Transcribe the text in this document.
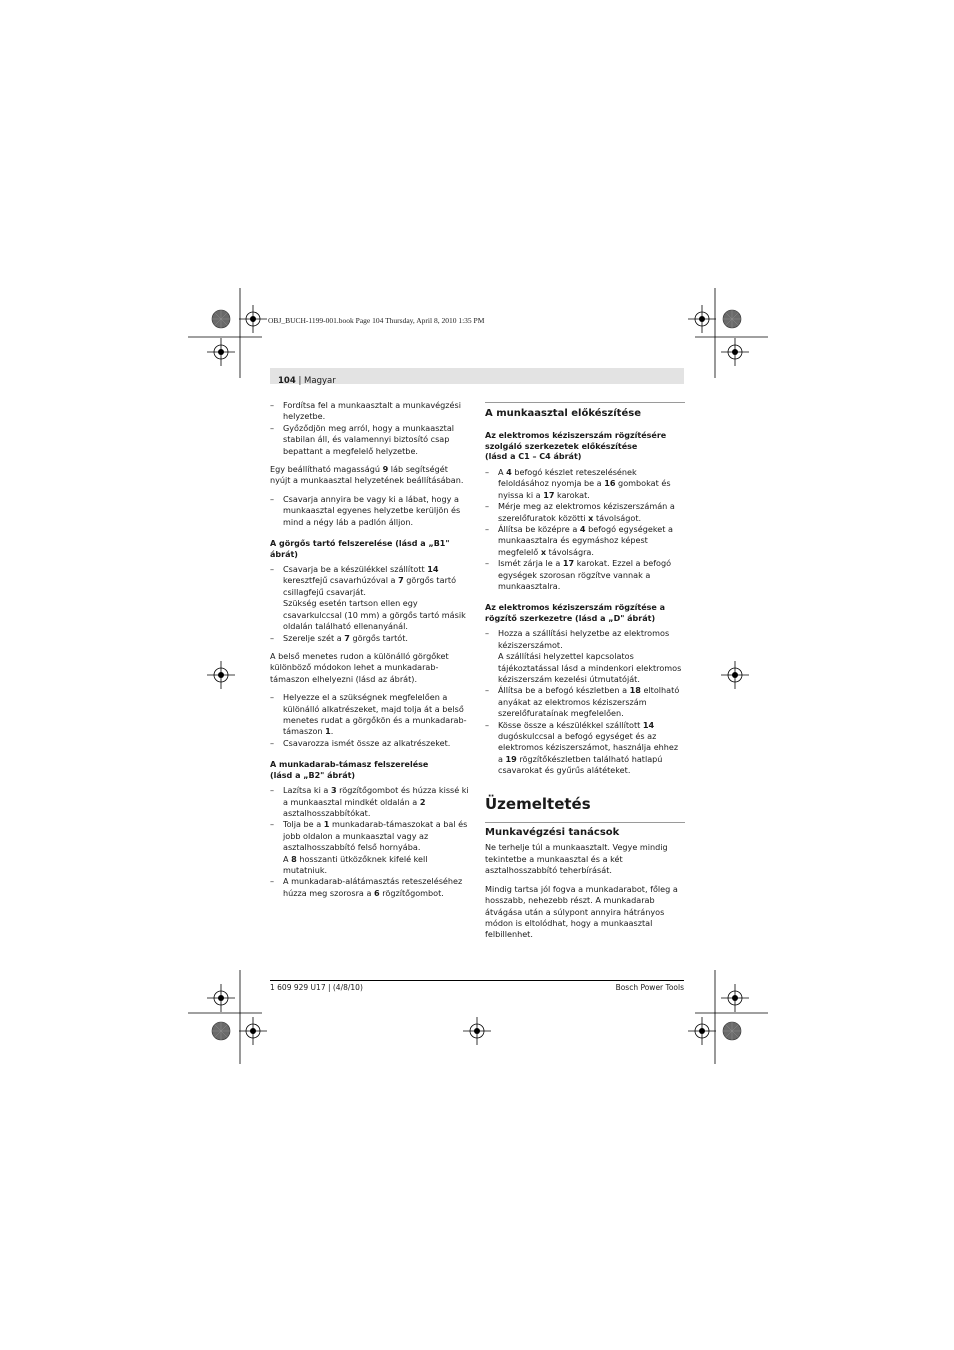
OBJ_BUCH-1199-001.book Page 104 Thursday, April 8, 2010 1:35 PM
104 | Magyar
– Fordítsa fel a munkaasztalt a munkavégzési helyzetbe.
– Győződjön meg arról, hogy a munkaasztal stabilan áll, és valamennyi biztosító csap bepattant a megfelelő helyzetbe.

Egy beállítható magasságú 9 láb segítségét nyújt a munkaasztal helyzetének beállításában.

– Csavarja annyira be vagy ki a lábat, hogy a munkaasztal egyenes helyzetbe kerüljön és mind a négy láb a padlón álljon.
A görgős tartó felszerelése (lásd a „B1" ábrát)
– Csavarja be a készülékkel szállított 14 keresztfejű csavarhúzóval a 7 görgős tartó csillagfejű csavarját.
Szükség esetén tartson ellen egy csavarkulccsal (10 mm) a görgős tartó másik oldalán található ellenanyánál.
– Szerelje szét a 7 görgős tartót.

A belső menetes rudon a különálló görgőket különböző módokon lehet a munkadarab-támaszon elhelyezni (lásd az ábrát).

– Helyezze el a szükségnek megfelelően a különálló alkatrészeket, majd tolja át a belső menetes rudat a görgőkön és a munkadarab-támaszon 1.
– Csavarozza ismét össze az alkatrészeket.
A munkadarab-támasz felszerelése
(lásd a „B2" ábrát)
– Lazítsa ki a 3 rögzítőgombot és húzza kissé ki a munkaasztal mindkét oldalán a 2 asztalhosszabbítókat.
– Tolja be a 1 munkadarab-támaszokat a bal és jobb oldalon a munkaasztal vagy az asztalhosszabbító felső hornyába.
A 8 hosszanti ütközőknek kifelé kell mutatniuk.
– A munkadarab-alátámasztás reteszeléséhez húzza meg szorosra a 6 rögzítőgombot.
A munkaasztal előkészítése
Az elektromos kéziszerszám rögzítésére
szolgáló szerkezetek előkészítése
(lásd a C1 – C4 ábrát)
– A 4 befogó készlet reteszelésének feloldásához nyomja be a 16 gombokat és nyissa ki a 17 karokat.
– Mérje meg az elektromos kéziszerszámán a szerelőfuratok közötti x távolságot.
– Állítsa be középre a 4 befogó egységeket a munkaasztalra és egymáshoz képest megfelelő x távolságra.
– Ismét zárja le a 17 karokat. Ezzel a befogó egységek szorosan rögzítve vannak a munkaasztalra.
Az elektromos kéziszerszám rögzítése a
rögzítő szerkezetre (lásd a „D" ábrát)
– Hozza a szállítási helyzetbe az elektromos kéziszerszámot.
A szállítási helyzettel kapcsolatos tájékoztatással lásd a mindenkori elektromos kéziszerszám kezelési útmutatóját.
– Állítsa be a befogó készletben a 18 eltolható anyákat az elektromos kéziszerszám szerelőfurataínak megfelelően.
– Kösse össze a készülékkel szállított 14 dugóskulccsal a befogó egységet és az elektromos kéziszerszámot, használja ehhez a 19 rögzítőkészletben található hatlapú csavarokat és gyűrűs alátéteket.
Üzemeltetés
Munkavégzési tanácsok

Ne terhelje túl a munkaasztalt. Vegye mindig tekintetbe a munkaasztal és a két asztalhosszabbító teherbírását.

Mindig tartsa jól fogva a munkadarabot, főleg a hosszabb, nehezebb részt. A munkadarab átvágása után a súlypont annyira hátrányos módon is eltolódhat, hogy a munkaasztal felbillenhet.

1 609 929 U17 | (4/8/10)	Bosch Power Tools
